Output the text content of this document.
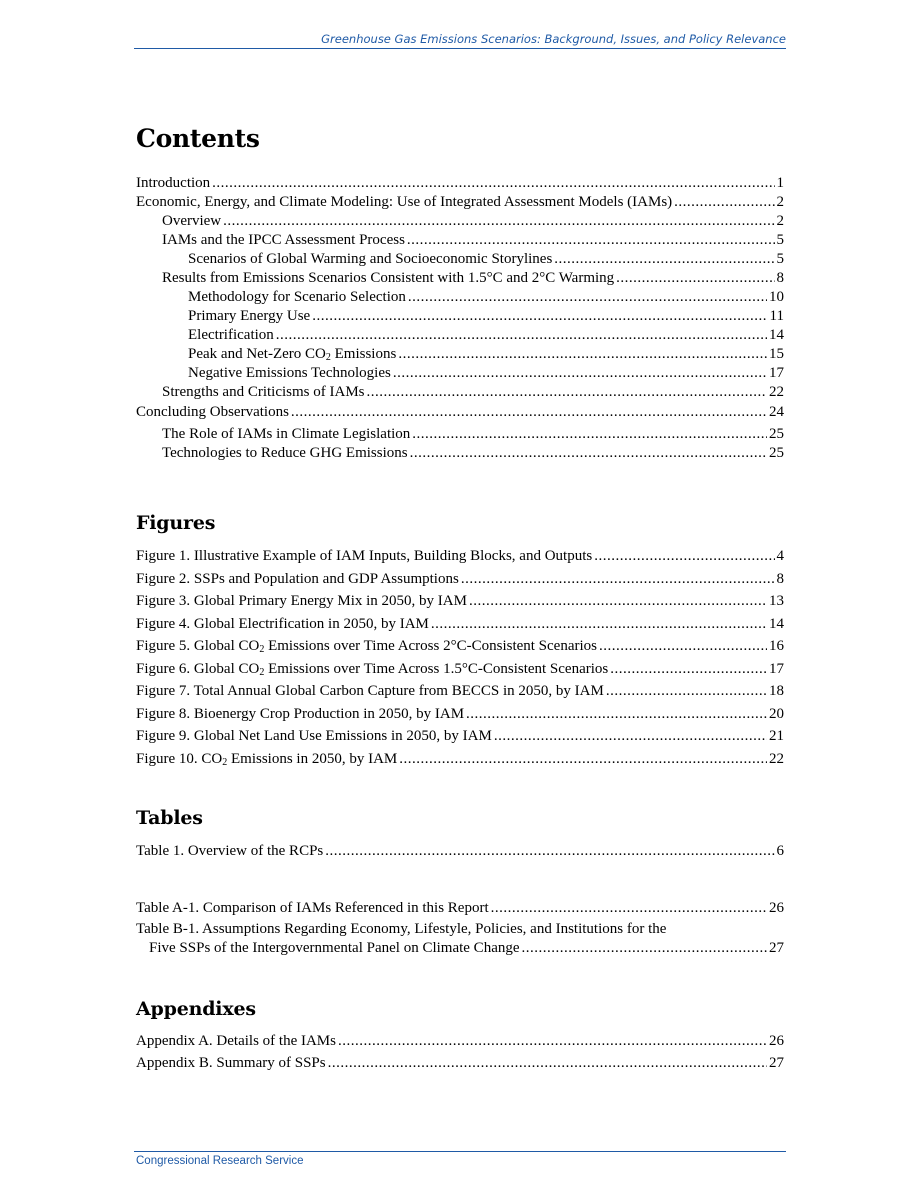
Greenhouse Gas Emissions Scenarios: Background, Issues, and Policy Relevance
Contents
Introduction .....	1
Economic, Energy, and Climate Modeling: Use of Integrated Assessment Models (IAMs) .....	2
Overview .....	2
IAMs and the IPCC Assessment Process .....	5
Scenarios of Global Warming and Socioeconomic Storylines .....	5
Results from Emissions Scenarios Consistent with 1.5°C and 2°C Warming .....	8
Methodology for Scenario Selection .....	10
Primary Energy Use .....	11
Electrification .....	14
Peak and Net-Zero $CO_2$ Emissions .....	15
Negative Emissions Technologies .....	17
Strengths and Criticisms of IAMs .....	22
Concluding Observations .....	24
The Role of IAMs in Climate Legislation .....	25
Technologies to Reduce GHG Emissions .....	25
Figures
Figure 1. Illustrative Example of IAM Inputs, Building Blocks, and Outputs .....	4
Figure 2. SSPs and Population and GDP Assumptions .....	8
Figure 3. Global Primary Energy Mix in 2050, by IAM .....	13
Figure 4. Global Electrification in 2050, by IAM .....	14
Figure 5. Global $CO_2$ Emissions over Time Across 2°C-Consistent Scenarios .....	16
Figure 6. Global $CO_2$ Emissions over Time Across 1.5°C-Consistent Scenarios .....	17
Figure 7. Total Annual Global Carbon Capture from BECCS in 2050, by IAM .....	18
Figure 8. Bioenergy Crop Production in 2050, by IAM .....	20
Figure 9. Global Net Land Use Emissions in 2050, by IAM .....	21
Figure 10. $CO_2$ Emissions in 2050, by IAM .....	22
Tables
Table 1. Overview of the RCPs .....	6
Table A-1. Comparison of IAMs Referenced in this Report .....	26
Table B-1. Assumptions Regarding Economy, Lifestyle, Policies, and Institutions for the
Five SSPs of the Intergovernmental Panel on Climate Change .....	27
Appendixes
Appendix A. Details of the IAMs .....	26
Appendix B. Summary of SSPs .....	27
Congressional Research Service
